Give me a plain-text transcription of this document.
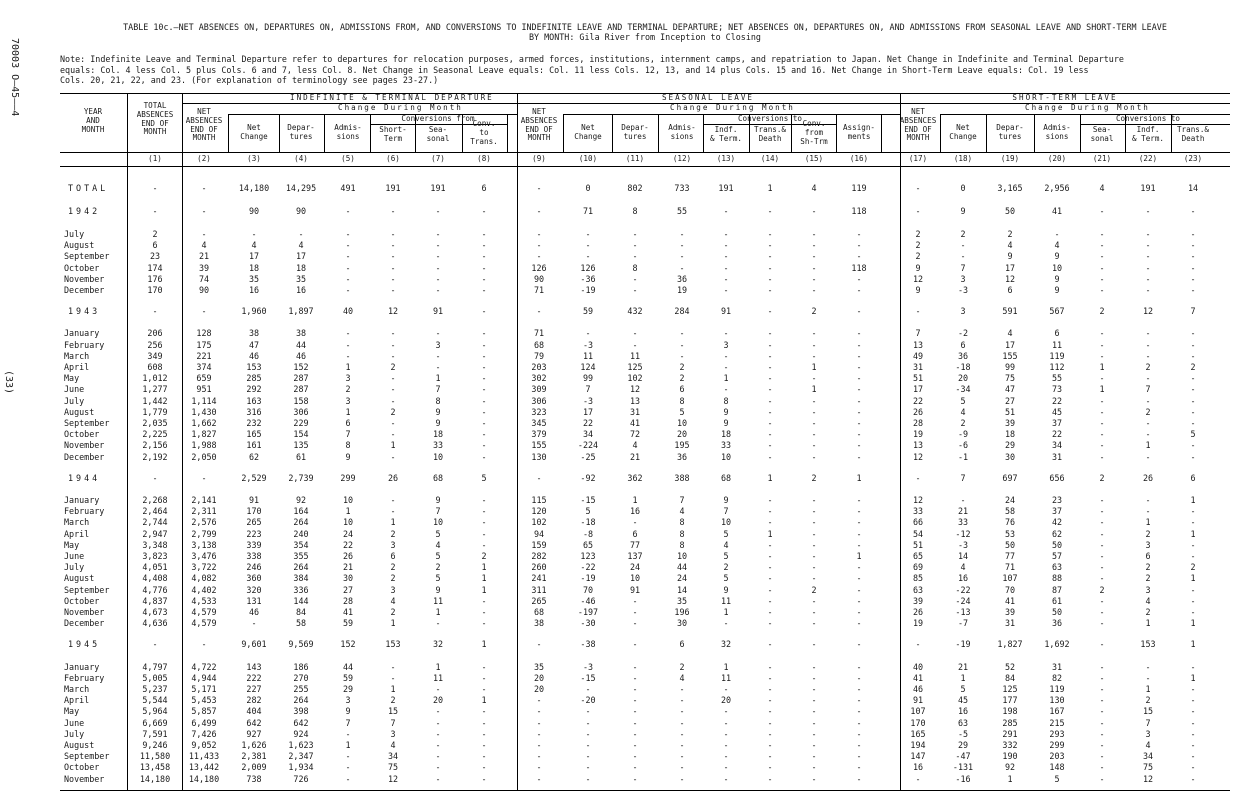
70003 O—45——4
(33)
TABLE 10c.—NET ABSENCES ON, DEPARTURES ON, ADMISSIONS FROM, AND CONVERSIONS TO INDEFINITE LEAVE AND TERMINAL DEPARTURE; NET ABSENCES ON, DEPARTURES ON, AND ADMISSIONS FROM SEASONAL LEAVE AND SHORT-TERM LEAVE
BY MONTH: Gila River from Inception to Closing
Note: Indefinite Leave and Terminal Departure refer to departures for relocation purposes, armed forces, institutions, internment camps, and repatriation to Japan. Net Change in Indefinite and Terminal Departure
equals: Col. 4 less Col. 5 plus Cols. 6 and 7, less Col. 8. Net Change in Seasonal Leave equals: Col. 11 less Cols. 12, 13, and 14 plus Cols. 15 and 16. Net Change in Short-Term Leave equals: Col. 19 less
Cols. 20, 21, 22, and 23. (For explanation of terminology see pages 23-27.)
INDEFINITE & TERMINAL DEPARTURE	SEASONAL LEAVE	SHORT-TERM LEAVE
Change During Month	Change During Month	Change During Month
Conversions from	Conversions to	Conversions to
YEAR
AND
MONTH
TOTAL
ABSENCES
END OF
MONTH
NET
ABSENCES
END OF
MONTH
NET
ABSENCES
END OF
MONTH
NET
ABSENCES
END OF
MONTH
Net
Change
Depar-
tures
Admis-
sions
Short-
Term
Sea-
sonal
Conv.
to
Trans.
Net
Change
Depar-
tures
Admis-
sions
Indf.
& Term.
Trans.&
Death
Conv.
from
Sh-Trm
Assign-
ments
Net
Change
Depar-
tures
Admis-
sions
Sea-
sonal
Indf.
& Term.
Trans.&
Death
(1)	(2)	(3)	(4)	(5)	(6)	(7)	(8)	(9)	(10)	(11)	(12)	(13)	(14)	(15)	(16)	(17)	(18)	(19)	(20)	(21)	(22)	(23)
TOTAL	-	-	14,180	14,295	491	191	191	6	-	0	802	733	191	1	4	119	-	0	3,165	2,956	4	191	14
1942	-	-	90	90	-	-	-	-	-	71	8	55	-	-	-	118	-	9	50	41	-	-	-
July	2	-	-	-	-	-	-	-	-	-	-	-	-	-	-	-	2	2	2	-	-	-	-
August	6	4	4	4	-	-	-	-	-	-	-	-	-	-	-	-	2	-	4	4	-	-	-
September	23	21	17	17	-	-	-	-	-	-	-	-	-	-	-	-	2	-	9	9	-	-	-
October	174	39	18	18	-	-	-	-	126	126	8	-	-	-	-	118	9	7	17	10	-	-	-
November	176	74	35	35	-	-	-	-	90	-36	-	36	-	-	-	-	12	3	12	9	-	-	-
December	170	90	16	16	-	-	-	-	71	-19	-	19	-	-	-	-	9	-3	6	9	-	-	-
1943	-	-	1,960	1,897	40	12	91	-	-	59	432	284	91	-	2	-	-	3	591	567	2	12	7
January	206	128	38	38	-	-	-	-	71	-	-	-	-	-	-	-	7	-2	4	6	-	-	-
February	256	175	47	44	-	-	3	-	68	-3	-	-	3	-	-	-	13	6	17	11	-	-	-
March	349	221	46	46	-	-	-	-	79	11	11	-	-	-	-	-	49	36	155	119	-	-	-
April	608	374	153	152	1	2	-	-	203	124	125	2	-	-	1	-	31	-18	99	112	1	2	2
May	1,012	659	285	287	3	-	1	-	302	99	102	2	1	-	-	-	51	20	75	55	-	-	-
June	1,277	951	292	287	2	-	7	-	309	7	12	6	-	-	1	-	17	-34	47	73	1	7	-
July	1,442	1,114	163	158	3	-	8	-	306	-3	13	8	8	-	-	-	22	5	27	22	-	-	-
August	1,779	1,430	316	306	1	2	9	-	323	17	31	5	9	-	-	-	26	4	51	45	-	2	-
September	2,035	1,662	232	229	6	-	9	-	345	22	41	10	9	-	-	-	28	2	39	37	-	-	-
October	2,225	1,827	165	154	7	-	18	-	379	34	72	20	18	-	-	-	19	-9	18	22	-	-	5
November	2,156	1,988	161	135	8	1	33	-	155	-224	4	195	33	-	-	-	13	-6	29	34	-	1	-
December	2,192	2,050	62	61	9	-	10	-	130	-25	21	36	10	-	-	-	12	-1	30	31	-	-	-
1944	-	-	2,529	2,739	299	26	68	5	-	-92	362	388	68	1	2	1	-	7	697	656	2	26	6
January	2,268	2,141	91	92	10	-	9	-	115	-15	1	7	9	-	-	-	12	-	24	23	-	-	1
February	2,464	2,311	170	164	1	-	7	-	120	5	16	4	7	-	-	-	33	21	58	37	-	-	-
March	2,744	2,576	265	264	10	1	10	-	102	-18	-	8	10	-	-	-	66	33	76	42	-	1	-
April	2,947	2,799	223	240	24	2	5	-	94	-8	6	8	5	1	-	-	54	-12	53	62	-	2	1
May	3,348	3,138	339	354	22	3	4	-	159	65	77	8	4	-	-	-	51	-3	50	50	-	3	-
June	3,823	3,476	338	355	26	6	5	2	282	123	137	10	5	-	-	1	65	14	77	57	-	6	-
July	4,051	3,722	246	264	21	2	2	1	260	-22	24	44	2	-	-	-	69	4	71	63	-	2	2
August	4,408	4,082	360	384	30	2	5	1	241	-19	10	24	5	-	-	-	85	16	107	88	-	2	1
September	4,776	4,402	320	336	27	3	9	1	311	70	91	14	9	-	2	-	63	-22	70	87	2	3	-
October	4,837	4,533	131	144	28	4	11	-	265	-46	-	35	11	-	-	-	39	-24	41	61	-	4	-
November	4,673	4,579	46	84	41	2	1	-	68	-197	-	196	1	-	-	-	26	-13	39	50	-	2	-
December	4,636	4,579	-	58	59	1	-	-	38	-30	-	30	-	-	-	-	19	-7	31	36	-	1	1
1945	-	-	9,601	9,569	152	153	32	1	-	-38	-	6	32	-	-	-	-	-19	1,827	1,692	-	153	1
January	4,797	4,722	143	186	44	-	1	-	35	-3	-	2	1	-	-	-	40	21	52	31	-	-	-
February	5,005	4,944	222	270	59	-	11	-	20	-15	-	4	11	-	-	-	41	1	84	82	-	-	1
March	5,237	5,171	227	255	29	1	-	-	20	-	-	-	-	-	-	-	46	5	125	119	-	1	-
April	5,544	5,453	282	264	3	2	20	1	-	-20	-	-	20	-	-	-	91	45	177	130	-	2	-
May	5,964	5,857	404	398	9	15	-	-	-	-	-	-	-	-	-	-	107	16	198	167	-	15	-
June	6,669	6,499	642	642	7	7	-	-	-	-	-	-	-	-	-	-	170	63	285	215	-	7	-
July	7,591	7,426	927	924	-	3	-	-	-	-	-	-	-	-	-	-	165	-5	291	293	-	3	-
August	9,246	9,052	1,626	1,623	1	4	-	-	-	-	-	-	-	-	-	-	194	29	332	299	-	4	-
September	11,580	11,433	2,381	2,347	-	34	-	-	-	-	-	-	-	-	-	-	147	-47	190	203	-	34	-
October	13,458	13,442	2,009	1,934	-	75	-	-	-	-	-	-	-	-	-	-	16	-131	92	148	-	75	-
November	14,180	14,180	738	726	-	12	-	-	-	-	-	-	-	-	-	-	-	-16	1	5	-	12	-
